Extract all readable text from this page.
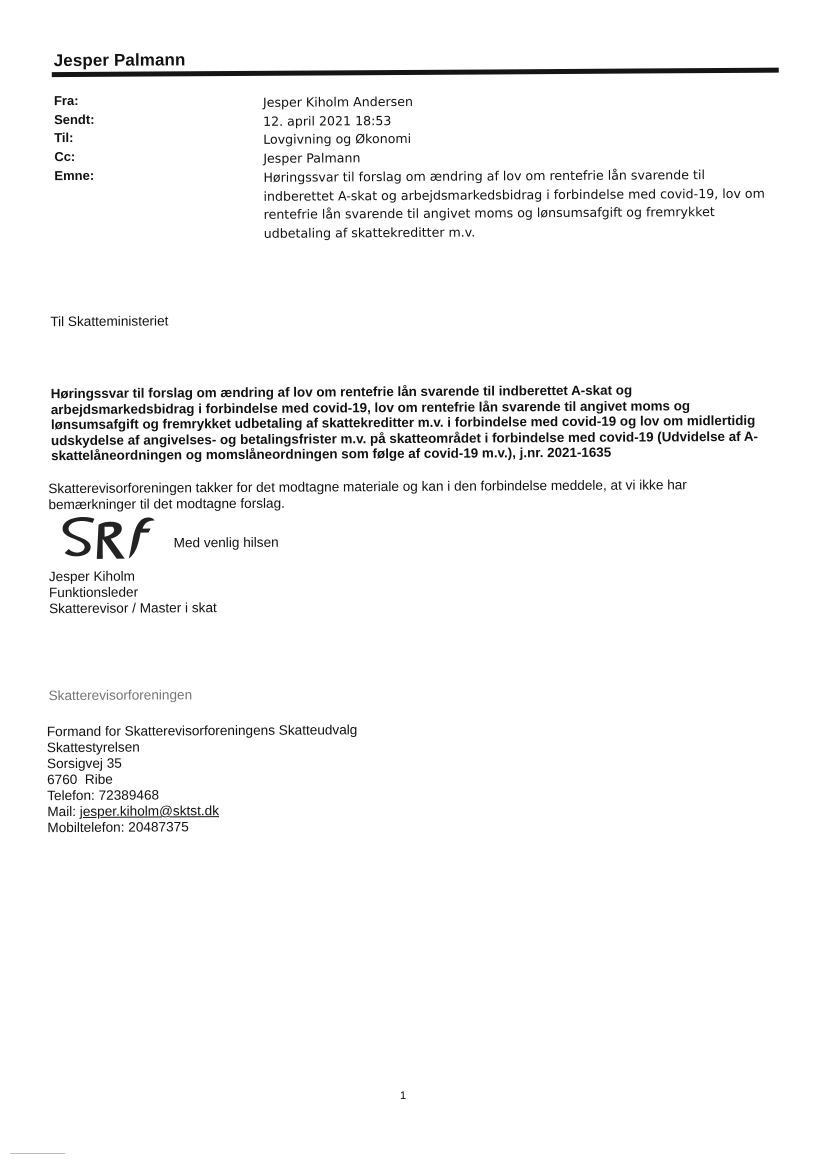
Jesper Palmann
Fra:	Jesper Kiholm Andersen
Sendt:	12. april 2021 18:53
Til:	Lovgivning og Økonomi
Cc:	Jesper Palmann
Emne:	Høringssvar til forslag om ændring af lov om rentefrie lån svarende til indberettet A-skat og arbejdsmarkedsbidrag i forbindelse med covid-19, lov om rentefrie lån svarende til angivet moms og lønsumsafgift og fremrykket udbetaling af skattekreditter m.v.
Til Skatteministeriet
Høringssvar til forslag om ændring af lov om rentefrie lån svarende til indberettet A-skat og arbejdsmarkedsbidrag i forbindelse med covid-19, lov om rentefrie lån svarende til angivet moms og lønsumsafgift og fremrykket udbetaling af skattekreditter m.v. i forbindelse med covid-19 og lov om midlertidig udskydelse af angivelses- og betalingsfrister m.v. på skatteområdet i forbindelse med covid-19 (Udvidelse af A-skattelåneordningen og momslåneordningen som følge af covid-19 m.v.), j.nr. 2021-1635
Skatterevisorforeningen takker for det modtagne materiale og kan i den forbindelse meddele, at vi ikke har bemærkninger til det modtagne forslag.
Med venlig hilsen
Jesper Kiholm
Funktionsleder
Skatterevisor / Master i skat
Skatterevisorforeningen
Formand for Skatterevisorforeningens Skatteudvalg
Skattestyrelsen
Sorsigvej 35
6760  Ribe
Telefon: 72389468
Mail: jesper.kiholm@sktst.dk
Mobiltelefon: 20487375
1
